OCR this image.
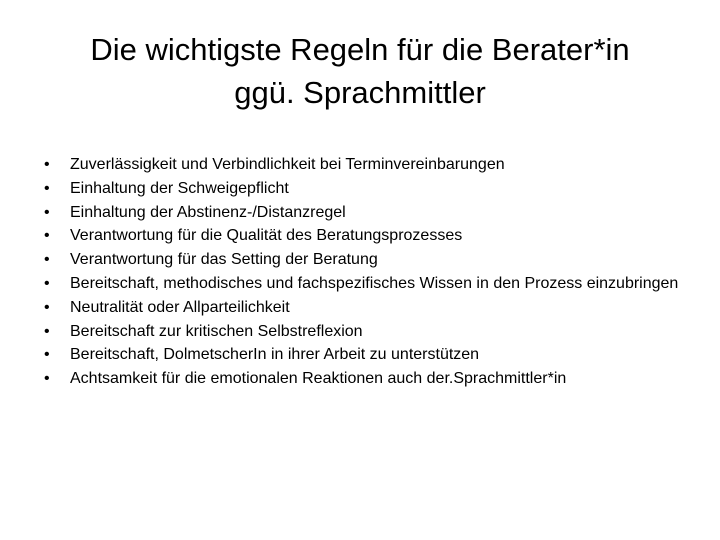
Die wichtigste Regeln für die Berater*in
ggü. Sprachmittler
•	Zuverlässigkeit und Verbindlichkeit bei Terminvereinbarungen
•	Einhaltung der Schweigepflicht
•	Einhaltung der Abstinenz-/Distanzregel
•	Verantwortung für die Qualität des Beratungsprozesses
•	Verantwortung für das Setting der Beratung
•	Bereitschaft, methodisches und fachspezifisches Wissen in den Prozess einzubringen
•	Neutralität oder Allparteilichkeit
•	Bereitschaft zur kritischen Selbstreflexion
•	Bereitschaft, DolmetscherIn in ihrer Arbeit zu unterstützen
•	Achtsamkeit für die emotionalen Reaktionen auch der.Sprachmittler*in
